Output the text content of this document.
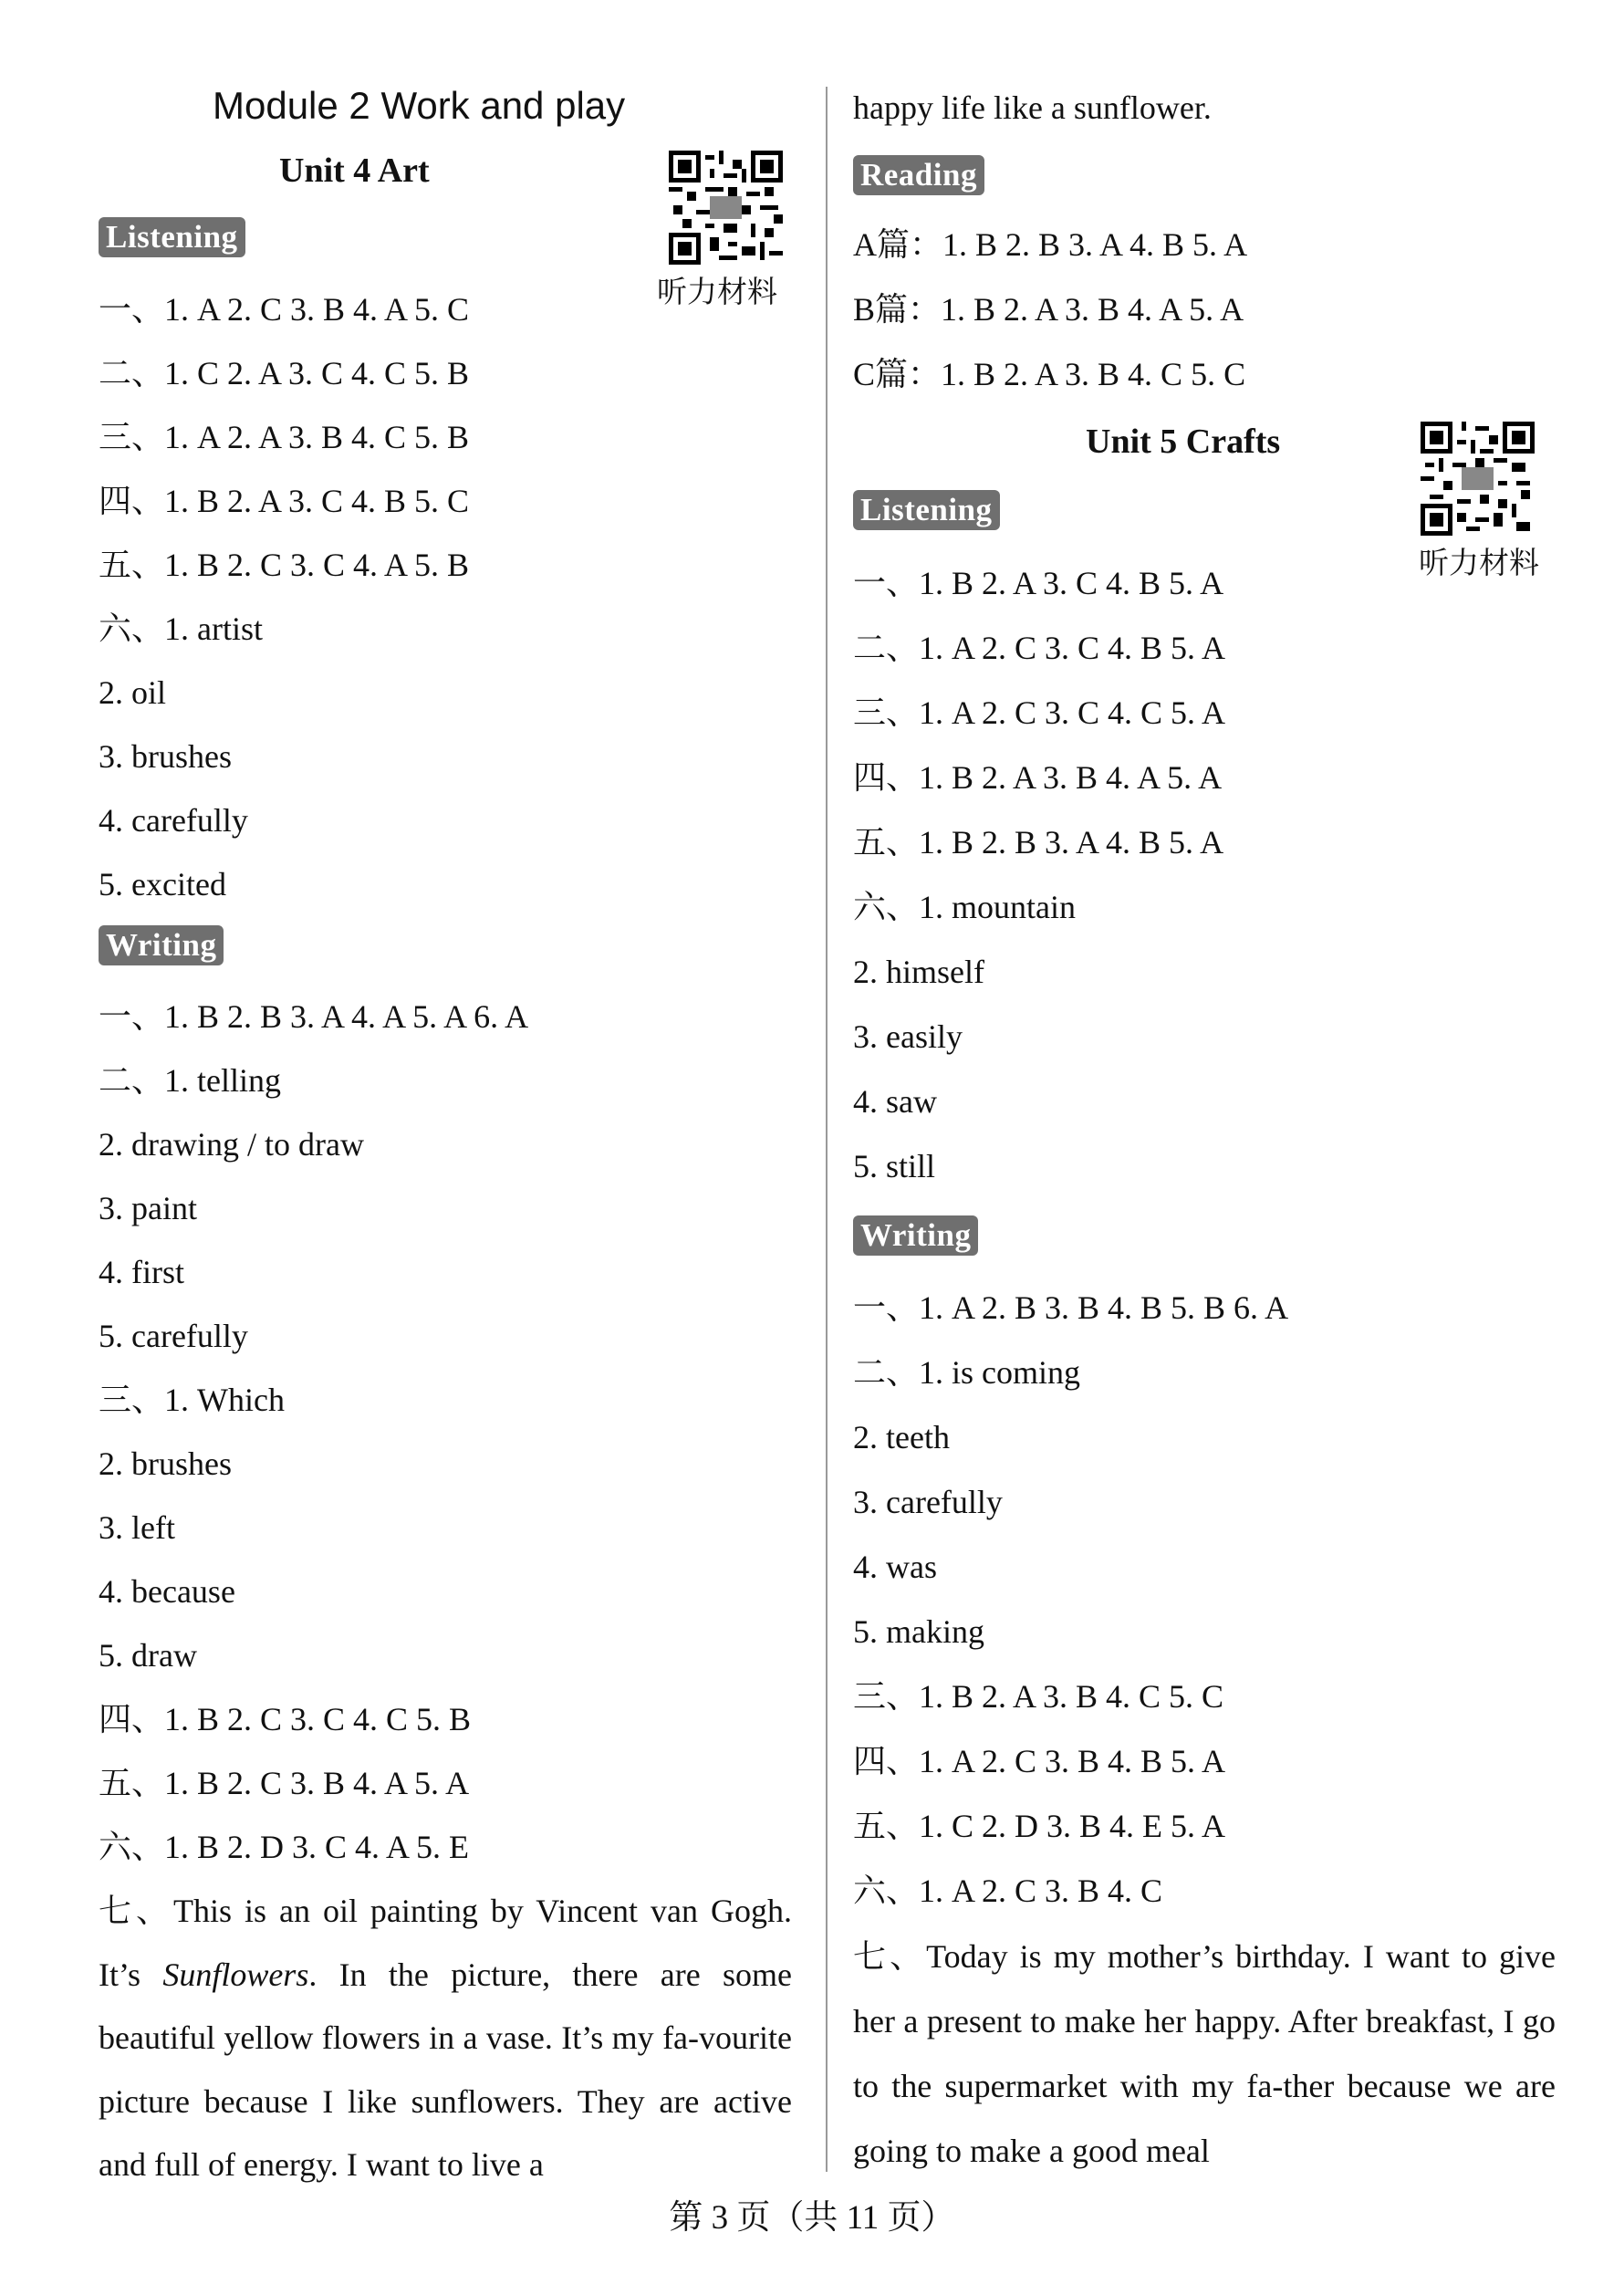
Module 2 Work and play
Unit 4 Art
听力材料
Listening
一、1. A 2. C 3. B 4. A 5. C
二、1. C 2. A 3. C 4. C 5. B
三、1. A 2. A 3. B 4. C 5. B
四、1. B 2. A 3. C 4. B 5. C
五、1. B 2. C 3. C 4. A 5. B
六、1. artist
2. oil
3. brushes
4. carefully
5. excited
Writing
一、1. B 2. B 3. A 4. A 5. A 6. A
二、1. telling
2. drawing / to draw
3. paint
4. first
5. carefully
三、1. Which
2. brushes
3. left
4. because
5. draw
四、1. B 2. C 3. C 4. C 5. B
五、1. B 2. C 3. B 4. A 5. A
六、1. B 2. D 3. C 4. A 5. E
七、This is an oil painting by Vincent van Gogh. It’s Sunflowers. In the picture, there are some beautiful yellow flowers in a vase. It’s my fa-vourite picture because I like sunflowers. They are active and full of energy. I want to live a
happy life like a sunflower.
Reading
A篇：1. B 2. B 3. A 4. B 5. A
B篇：1. B 2. A 3. B 4. A 5. A
C篇：1. B 2. A 3. B 4. C 5. C
Unit 5 Crafts
听力材料
Listening
一、1. B 2. A 3. C 4. B 5. A
二、1. A 2. C 3. C 4. B 5. A
三、1. A 2. C 3. C 4. C 5. A
四、1. B 2. A 3. B 4. A 5. A
五、1. B 2. B 3. A 4. B 5. A
六、1. mountain
2. himself
3. easily
4. saw
5. still
Writing
一、1. A 2. B 3. B 4. B 5. B 6. A
二、1. is coming
2. teeth
3. carefully
4. was
5. making
三、1. B 2. A 3. B 4. C 5. C
四、1. A 2. C 3. B 4. B 5. A
五、1. C 2. D 3. B 4. E 5. A
六、1. A 2. C 3. B 4. C
七、Today is my mother’s birthday. I want to give her a present to make her happy. After breakfast, I go to the supermarket with my fa-ther because we are going to make a good meal
第 3 页（共 11 页）
